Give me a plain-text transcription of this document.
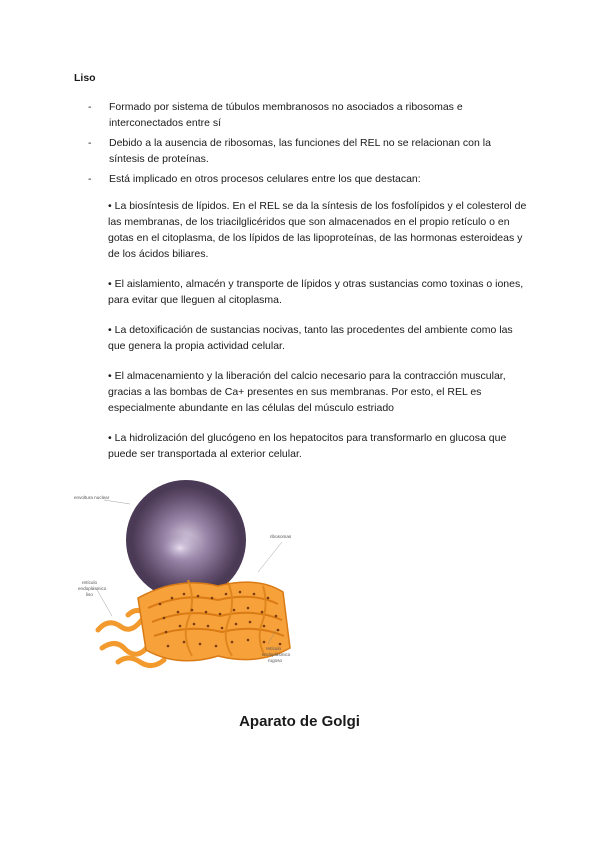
Liso
- Formado por sistema de túbulos membranosos no asociados a ribosomas e interconectados entre sí
- Debido a la ausencia de ribosomas, las funciones del REL no se relacionan con la síntesis de proteínas.
- Está implicado en otros procesos celulares entre los que destacan:

• La biosíntesis de lípidos. En el REL se da la síntesis de los fosfolípidos y el colesterol de las membranas, de los triacilglicéridos que son almacenados en el propio retículo o en gotas en el citoplasma, de los lípidos de las lipoproteínas, de las hormonas esteroideas y de los ácidos biliares.

• El aislamiento, almacén y transporte de lípidos y otras sustancias como toxinas o iones, para evitar que lleguen al citoplasma.

• La detoxificación de sustancias nocivas, tanto las procedentes del ambiente como las que genera la propia actividad celular.

• El almacenamiento y la liberación del calcio necesario para la contracción muscular, gracias a las bombas de Ca+ presentes en sus membranas. Por esto, el REL es especialmente abundante en las células del músculo estriado

• La hidrolización del glucógeno en los hepatocitos para transformarlo en glucosa que puede ser transportada al exterior celular.

envoltura nuclear
ribosomas
retículo
endoplásmico
liso
retículo
endoplásmico
rugoso
Aparato de Golgi
